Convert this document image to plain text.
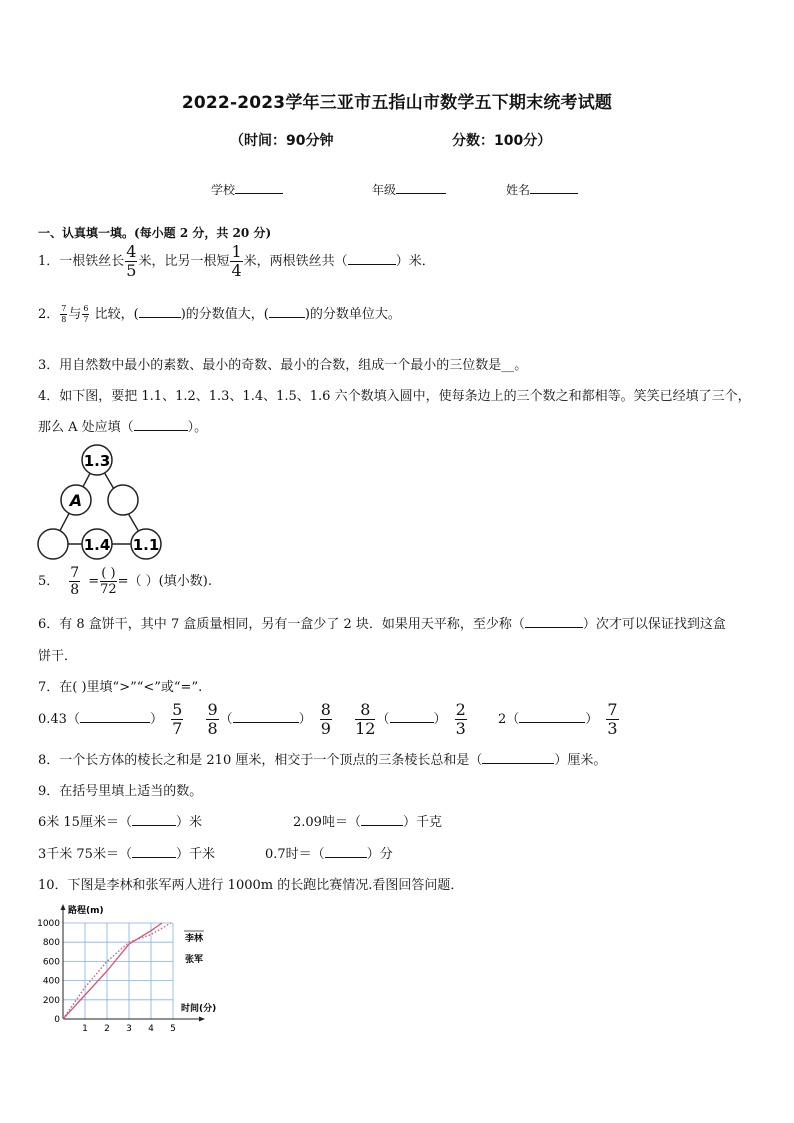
2022-2023学年三亚市五指山市数学五下期末统考试题
（时间：90分钟	分数：100分）
学校	年级	姓名
一、认真填一填。(每小题 2 分，共 20 分)
1．一根铁丝长 $\frac{4}{5}$ 米，比另一根短 $\frac{1}{4}$ 米，两根铁丝共（	）米．
2． $\frac{7}{8}$ 与 $\frac{6}{7}$ 比较，(	)的分数值大，(	)的分数单位大。
3．用自然数中最小的素数、最小的奇数、最小的合数，组成一个最小的三位数是__。
4．如下图，要把 1.1、1.2、1.3、1.4、1.5、1.6 六个数填入圆中，使每条边上的三个数之和都相等。笑笑已经填了三个，
那么 A 处应填（	）。
1.3
A
1.4 1.1
5． $\frac{7}{8} = \frac{( )}{72}$ =（ ）(填小数).
6．有 8 盒饼干，其中 7 盒质量相同，另有一盒少了 2 块．如果用天平称，至少称（	）次才可以保证找到这盒
饼干．
7．在( )里填“>”“<”或“=”.
0.43（	） $\frac{5}{7}$
$\frac{9}{8}$ （	） $\frac{8}{9}$
$\frac{8}{12}$ （	） $\frac{2}{3} 2$（	） $\frac{7}{3}$
8．一个长方体的棱长之和是 210 厘米，相交于一个顶点的三条棱长总和是（	）厘米。
9．在括号里填上适当的数。
6米 15厘米＝（	）米	2.09吨＝（	）千克
3千米 75米＝（	）千米	0.7时＝（	）分
10．下图是李林和张军两人进行 1000m 的长跑比赛情况.看图回答问题．
0
200
400
600
800
1000
1 2 3 4 5
路程(m)
时间(分)
李林
张军
